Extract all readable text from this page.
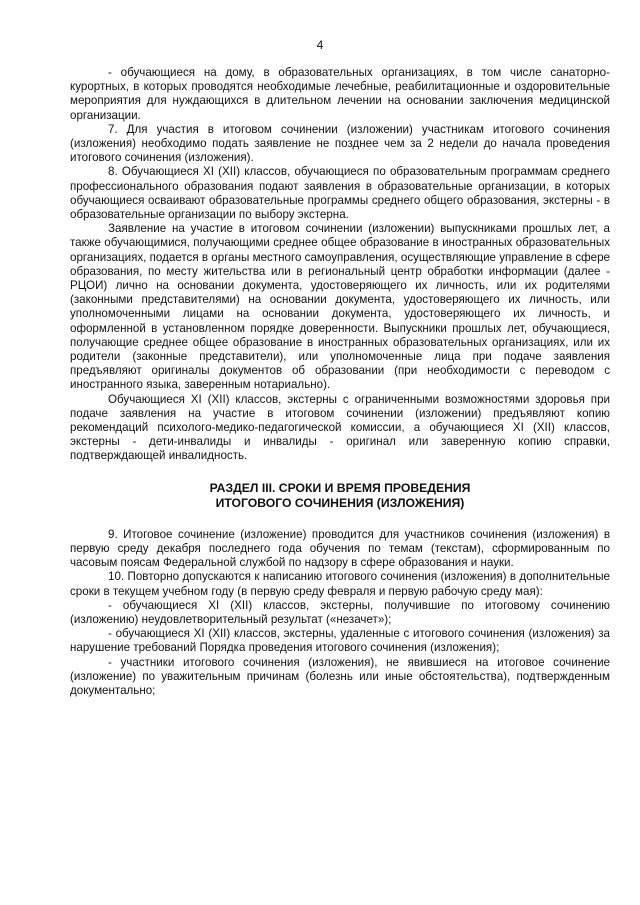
4

- обучающиеся на дому, в образовательных организациях, в том числе санаторно-курортных, в которых проводятся необходимые лечебные, реабилитационные и оздоровительные мероприятия для нуждающихся в длительном лечении на основании заключения медицинской организации.

7. Для участия в итоговом сочинении (изложении) участникам итогового сочинения (изложения) необходимо подать заявление не позднее чем за 2 недели до начала проведения итогового сочинения (изложения).

8. Обучающиеся XI (XII) классов, обучающиеся по образовательным программам среднего профессионального образования подают заявления в образовательные организации, в которых обучающиеся осваивают образовательные программы среднего общего образования, экстерны - в образовательные организации по выбору экстерна.

Заявление на участие в итоговом сочинении (изложении) выпускниками прошлых лет, а также обучающимися, получающими среднее общее образование в иностранных образовательных организациях, подается в органы местного самоуправления, осуществляющие управление в сфере образования, по месту жительства или в региональный центр обработки информации (далее - РЦОИ) лично на основании документа, удостоверяющего их личность, или их родителями (законными представителями) на основании документа, удостоверяющего их личность, или уполномоченными лицами на основании документа, удостоверяющего их личность, и оформленной в установленном порядке доверенности. Выпускники прошлых лет, обучающиеся, получающие среднее общее образование в иностранных образовательных организациях, или их родители (законные представители), или уполномоченные лица при подаче заявления предъявляют оригиналы документов об образовании (при необходимости с переводом с иностранного языка, заверенным нотариально).

Обучающиеся XI (XII) классов, экстерны с ограниченными возможностями здоровья при подаче заявления на участие в итоговом сочинении (изложении) предъявляют копию рекомендаций психолого-медико-педагогической комиссии, а обучающиеся XI (XII) классов, экстерны - дети-инвалиды и инвалиды - оригинал или заверенную копию справки, подтверждающей инвалидность.

РАЗДЕЛ III. СРОКИ И ВРЕМЯ ПРОВЕДЕНИЯ
ИТОГОВОГО СОЧИНЕНИЯ (ИЗЛОЖЕНИЯ)

9. Итоговое сочинение (изложение) проводится для участников сочинения (изложения) в первую среду декабря последнего года обучения по темам (текстам), сформированным по часовым поясам Федеральной службой по надзору в сфере образования и науки.

10. Повторно допускаются к написанию итогового сочинения (изложения) в дополнительные сроки в текущем учебном году (в первую среду февраля и первую рабочую среду мая):

- обучающиеся XI (XII) классов, экстерны, получившие по итоговому сочинению (изложению) неудовлетворительный результат («незачет»);

- обучающиеся XI (XII) классов, экстерны, удаленные с итогового сочинения (изложения) за нарушение требований Порядка проведения итогового сочинения (изложения);

- участники итогового сочинения (изложения), не явившиеся на итоговое сочинение (изложение) по уважительным причинам (болезнь или иные обстоятельства), подтвержденным документально;
